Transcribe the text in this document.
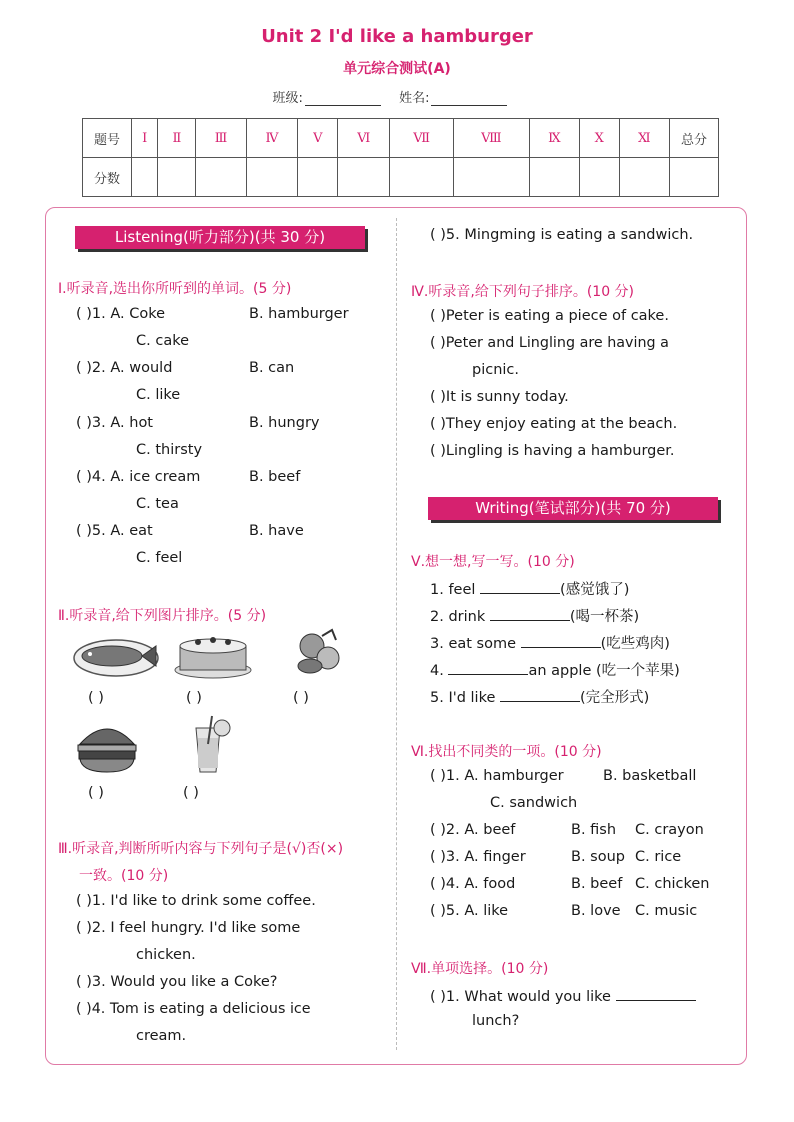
Unit 2 I'd like a hamburger
单元综合测试(A)
班级:	姓名:
题号	Ⅰ	Ⅱ	Ⅲ	Ⅳ	Ⅴ	Ⅵ	Ⅶ	Ⅷ	Ⅸ	Ⅹ	Ⅺ	总分
分数												
Listening(听力部分)(共 30 分)
Ⅰ.听录音,选出你所听到的单词。(5 分)
( )1. A. Coke	B. hamburger
C. cake
( )2. A. would	B. can
C. like
( )3. A. hot	B. hungry
C. thirsty
( )4. A. ice cream	B. beef
C. tea
( )5. A. eat	B. have
C. feel
Ⅱ.听录音,给下列图片排序。(5 分)
( )	( )	( )
( )	( )
Ⅲ.听录音,判断所听内容与下列句子是(√)否(×)
一致。(10 分)
( )1. I'd like to drink some coffee.
( )2. I feel hungry. I'd like some
chicken.
( )3. Would you like a Coke?
( )4. Tom is eating a delicious ice
cream.
( )5. Mingming is eating a sandwich.
Ⅳ.听录音,给下列句子排序。(10 分)
( )Peter is eating a piece of cake.
( )Peter and Lingling are having a
picnic.
( )It is sunny today.
( )They enjoy eating at the beach.
( )Lingling is having a hamburger.
Writing(笔试部分)(共 70 分)
Ⅴ.想一想,写一写。(10 分)
1. feel	(感觉饿了)
2. drink	(喝一杯茶)
3. eat some	(吃些鸡肉)
4.	an apple (吃一个苹果)
5. I'd like	(完全形式)
Ⅵ.找出不同类的一项。(10 分)
( )1. A. hamburger	B. basketball
C. sandwich
( )2. A. beef	B. fish C. crayon
( )3. A. finger	B. soup C. rice
( )4. A. food	B. beef C. chicken
( )5. A. like	B. love C. music
Ⅶ.单项选择。(10 分)
( )1. What would you like
lunch?
